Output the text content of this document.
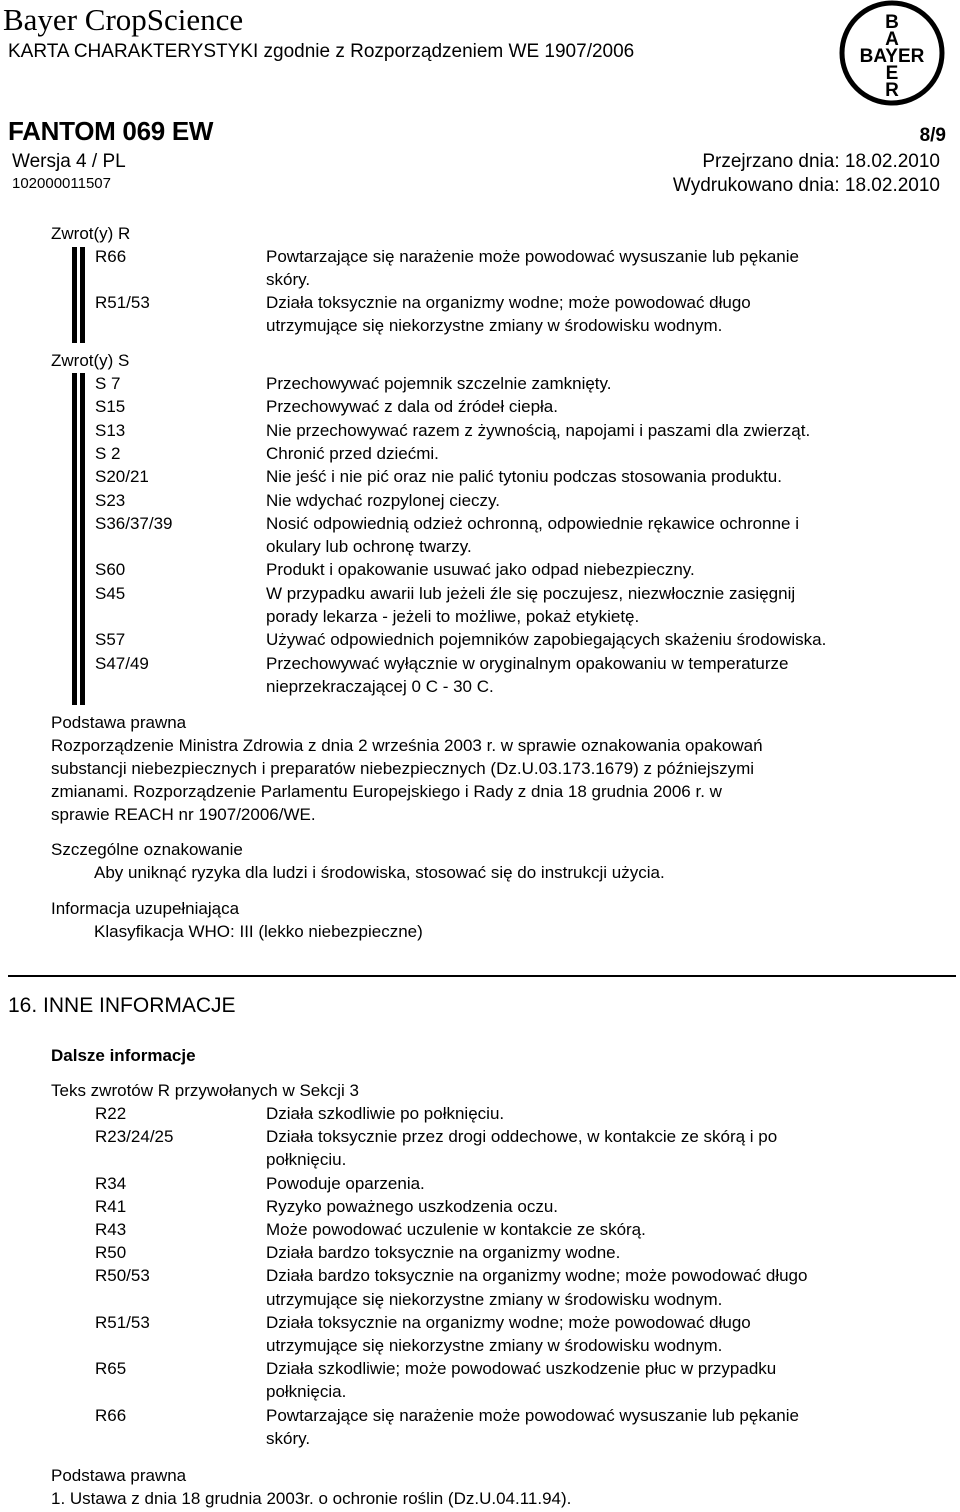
Bayer CropScience
KARTA CHARAKTERYSTYKI zgodnie z Rozporządzeniem WE 1907/2006
FANTOM 069 EW	8/9
Wersja 4 / PL	Przejrzano dnia: 18.02.2010
102000011507	Wydrukowano dnia: 18.02.2010
B
A
BAYER
E
R
Zwrot(y) R
R66	Powtarzające się narażenie może powodować wysuszanie lub pękanie
skóry.
R51/53	Działa toksycznie na organizmy wodne; może powodować długo
utrzymujące się niekorzystne zmiany w środowisku wodnym.
Zwrot(y) S
S 7	Przechowywać pojemnik szczelnie zamknięty.
S15	Przechowywać z dala od źródeł ciepła.
S13	Nie przechowywać razem z żywnością, napojami i paszami dla zwierząt.
S 2	Chronić przed dziećmi.
S20/21	Nie jeść i nie pić oraz nie palić tytoniu podczas stosowania produktu.
S23	Nie wdychać rozpylonej cieczy.
S36/37/39	Nosić odpowiednią odzież ochronną, odpowiednie rękawice ochronne i
okulary lub ochronę twarzy.
S60	Produkt i opakowanie usuwać jako odpad niebezpieczny.
S45	W przypadku awarii lub jeżeli źle się poczujesz, niezwłocznie zasięgnij
porady lekarza - jeżeli to możliwe, pokaż etykietę.
S57	Używać odpowiednich pojemników zapobiegających skażeniu środowiska.
S47/49	Przechowywać wyłącznie w oryginalnym opakowaniu w temperaturze
nieprzekraczającej 0 C - 30 C.
Podstawa prawna
Rozporządzenie Ministra Zdrowia z dnia 2 września 2003 r. w sprawie oznakowania opakowań
substancji niebezpiecznych i preparatów niebezpiecznych (Dz.U.03.173.1679) z późniejszymi
zmianami. Rozporządzenie Parlamentu Europejskiego i Rady z dnia 18 grudnia 2006 r. w
sprawie REACH nr 1907/2006/WE.
Szczególne oznakowanie
Aby uniknąć ryzyka dla ludzi i środowiska, stosować się do instrukcji użycia.
Informacja uzupełniająca
Klasyfikacja WHO: III (lekko niebezpieczne)
16. INNE INFORMACJE
Dalsze informacje
Teks zwrotów R przywołanych w Sekcji 3
R22	Działa szkodliwie po połknięciu.
R23/24/25	Działa toksycznie przez drogi oddechowe, w kontakcie ze skórą i po
połknięciu.
R34	Powoduje oparzenia.
R41	Ryzyko poważnego uszkodzenia oczu.
R43	Może powodować uczulenie w kontakcie ze skórą.
R50	Działa bardzo toksycznie na organizmy wodne.
R50/53	Działa bardzo toksycznie na organizmy wodne; może powodować długo
utrzymujące się niekorzystne zmiany w środowisku wodnym.
R51/53	Działa toksycznie na organizmy wodne; może powodować długo
utrzymujące się niekorzystne zmiany w środowisku wodnym.
R65	Działa szkodliwie; może powodować uszkodzenie płuc w przypadku
połknięcia.
R66	Powtarzające się narażenie może powodować wysuszanie lub pękanie
skóry.
Podstawa prawna
1. Ustawa z dnia 18 grudnia 2003r. o ochronie roślin (Dz.U.04.11.94).
